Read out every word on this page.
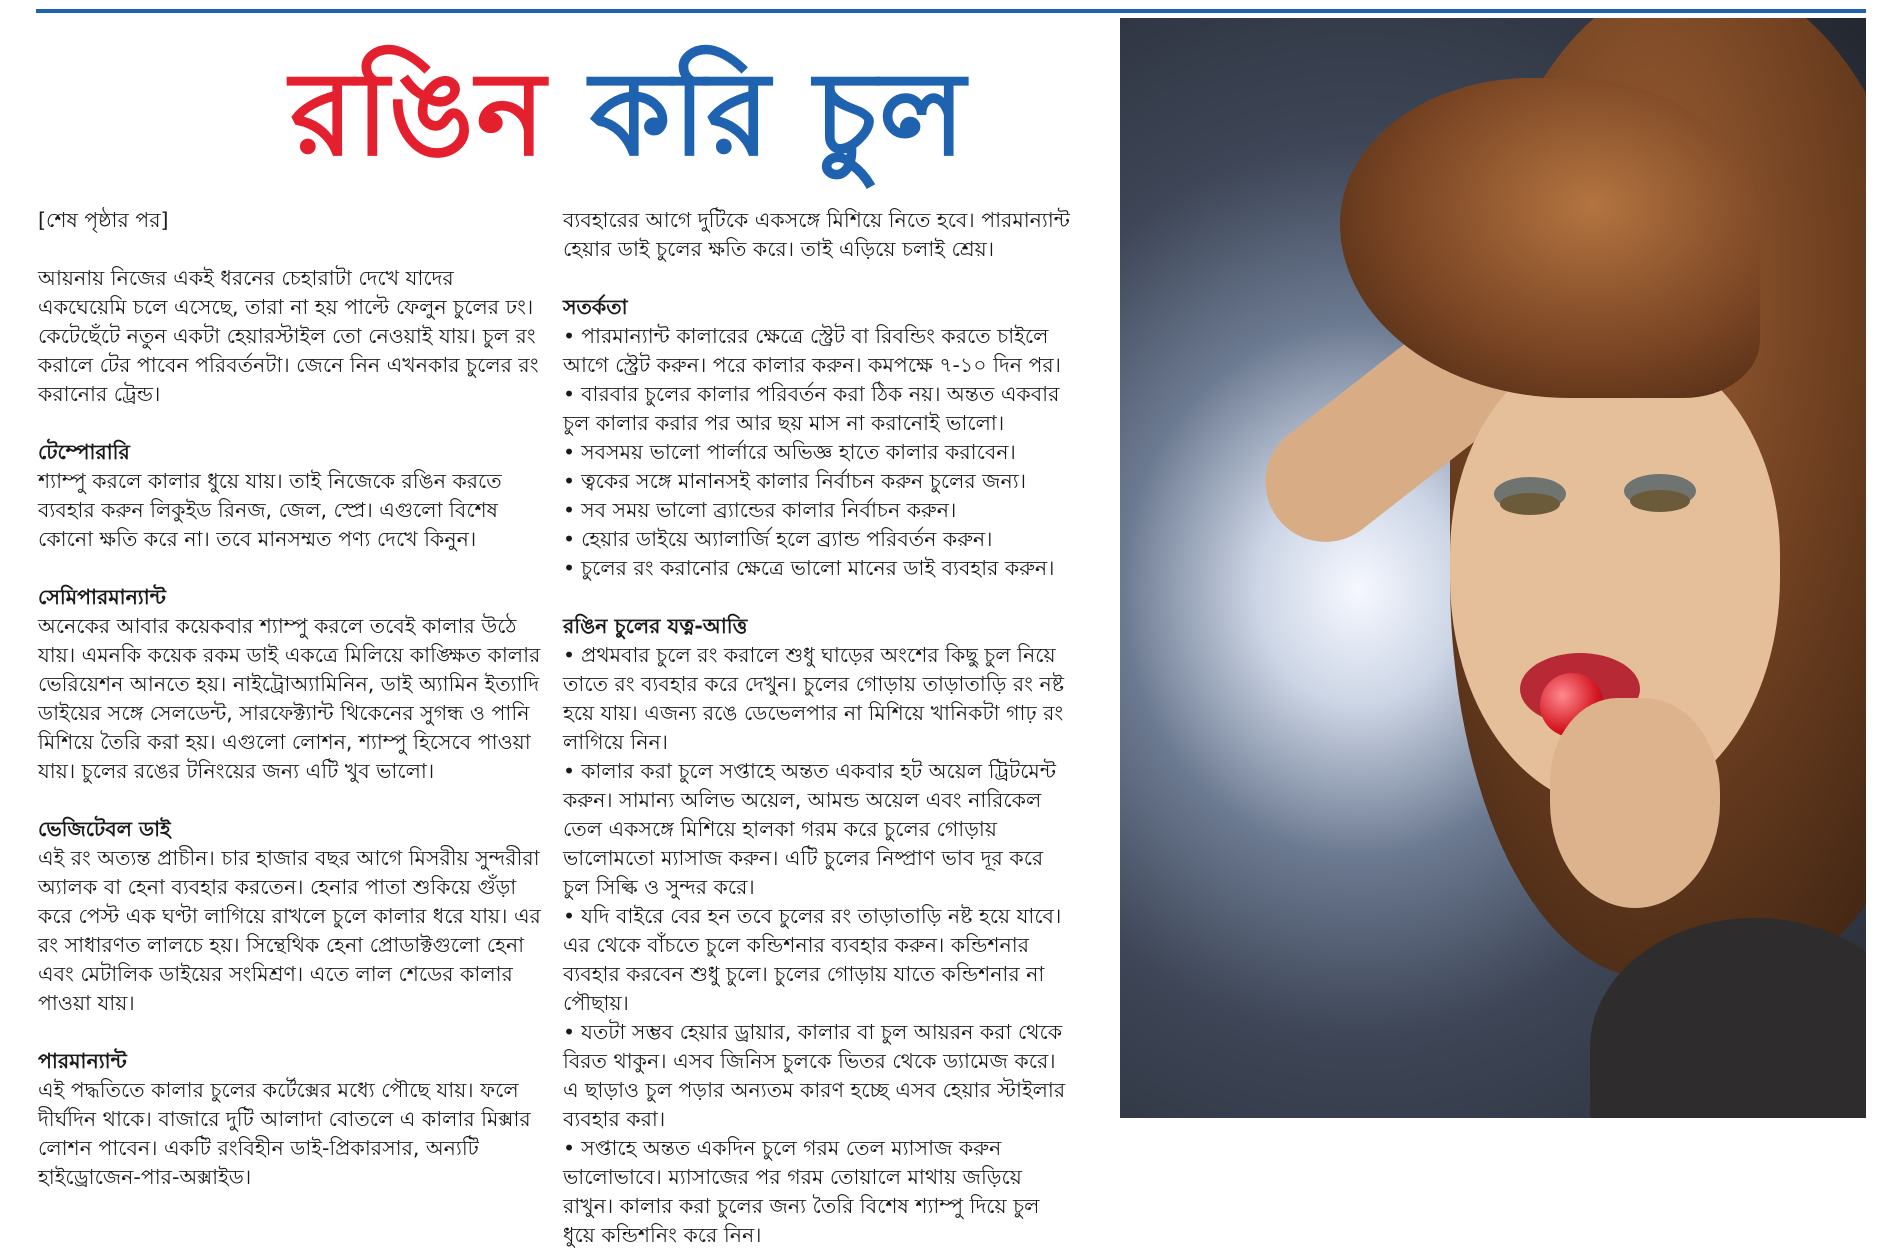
রঙিন করি চুল

[শেষ পৃষ্ঠার পর]

আয়নায় নিজের একই ধরনের চেহারাটা দেখে যাদের একঘেয়েমি চলে এসেছে, তারা না হয় পাল্টে ফেলুন চুলের ঢং। কেটেছেঁটে নতুন একটা হেয়ারস্টাইল তো নেওয়াই যায়। চুল রং করালে টের পাবেন পরিবর্তনটা। জেনে নিন এখনকার চুলের রং করানোর ট্রেন্ড।

টেম্পোরারি

শ্যাম্পু করলে কালার ধুয়ে যায়। তাই নিজেকে রঙিন করতে ব্যবহার করুন লিকুইড রিনজ, জেল, স্প্রে। এগুলো বিশেষ কোনো ক্ষতি করে না। তবে মানসম্মত পণ্য দেখে কিনুন।

সেমিপারমান্যান্ট

অনেকের আবার কয়েকবার শ্যাম্পু করলে তবেই কালার উঠে যায়। এমনকি কয়েক রকম ডাই একত্রে মিলিয়ে কাঙ্ক্ষিত কালার ভেরিয়েশন আনতে হয়। নাইট্রোঅ্যামিনিন, ডাই অ্যামিন ইত্যাদি ডাইয়ের সঙ্গে সেলডেন্ট, সারফেক্ট্যান্ট থিকেনের সুগন্ধ ও পানি মিশিয়ে তৈরি করা হয়। এগুলো লোশন, শ্যাম্পু হিসেবে পাওয়া যায়। চুলের রঙের টনিংয়ের জন্য এটি খুব ভালো।

ভেজিটেবল ডাই

এই রং অত্যন্ত প্রাচীন। চার হাজার বছর আগে মিসরীয় সুন্দরীরা অ্যালক বা হেনা ব্যবহার করতেন। হেনার পাতা শুকিয়ে গুঁড়া করে পেস্ট এক ঘণ্টা লাগিয়ে রাখলে চুলে কালার ধরে যায়। এর রং সাধারণত লালচে হয়। সিন্থেথিক হেনা প্রোডাক্টগুলো হেনা এবং মেটালিক ডাইয়ের সংমিশ্রণ। এতে লাল শেডের কালার পাওয়া যায়।

পারমান্যান্ট

এই পদ্ধতিতে কালার চুলের কর্টেক্সের মধ্যে পৌছে যায়। ফলে দীর্ঘদিন থাকে। বাজারে দুটি আলাদা বোতলে এ কালার মিক্সার লোশন পাবেন। একটি রংবিহীন ডাই-প্রিকারসার, অন্যটি হাইড্রোজেন-পার-অক্সাইড।

ব্যবহারের আগে দুটিকে একসঙ্গে মিশিয়ে নিতে হবে। পারমান্যান্ট হেয়ার ডাই চুলের ক্ষতি করে। তাই এড়িয়ে চলাই শ্রেয়।

সতর্কতা

• পারমান্যান্ট কালারের ক্ষেত্রে স্ট্রেট বা রিবন্ডিং করতে চাইলে আগে স্ট্রেট করুন। পরে কালার করুন। কমপক্ষে ৭-১০ দিন পর।

• বারবার চুলের কালার পরিবর্তন করা ঠিক নয়। অন্তত একবার চুল কালার করার পর আর ছয় মাস না করানোই ভালো।

• সবসময় ভালো পার্লারে অভিজ্ঞ হাতে কালার করাবেন।

• ত্বকের সঙ্গে মানানসই কালার নির্বাচন করুন চুলের জন্য।

• সব সময় ভালো ব্র্যান্ডের কালার নির্বাচন করুন।

• হেয়ার ডাইয়ে অ্যালার্জি হলে ব্র্যান্ড পরিবর্তন করুন।

• চুলের রং করানোর ক্ষেত্রে ভালো মানের ডাই ব্যবহার করুন।

রঙিন চুলের যত্ন-আত্তি

• প্রথমবার চুলে রং করালে শুধু ঘাড়ের অংশের কিছু চুল নিয়ে তাতে রং ব্যবহার করে দেখুন। চুলের গোড়ায় তাড়াতাড়ি রং নষ্ট হয়ে যায়। এজন্য রঙে ডেভেলপার না মিশিয়ে খানিকটা গাঢ় রং লাগিয়ে নিন।

• কালার করা চুলে সপ্তাহে অন্তত একবার হট অয়েল ট্রিটমেন্ট করুন। সামান্য অলিভ অয়েল, আমন্ড অয়েল এবং নারিকেল তেল একসঙ্গে মিশিয়ে হালকা গরম করে চুলের গোড়ায় ভালোমতো ম্যাসাজ করুন। এটি চুলের নিষ্প্রাণ ভাব দূর করে চুল সিল্কি ও সুন্দর করে।

• যদি বাইরে বের হন তবে চুলের রং তাড়াতাড়ি নষ্ট হয়ে যাবে। এর থেকে বাঁচতে চুলে কন্ডিশনার ব্যবহার করুন। কন্ডিশনার ব্যবহার করবেন শুধু চুলে। চুলের গোড়ায় যাতে কন্ডিশনার না পৌছায়।

• যতটা সম্ভব হেয়ার ড্রায়ার, কালার বা চুল আয়রন করা থেকে বিরত থাকুন। এসব জিনিস চুলকে ভিতর থেকে ড্যামেজ করে। এ ছাড়াও চুল পড়ার অন্যতম কারণ হচ্ছে এসব হেয়ার স্টাইলার ব্যবহার করা।

• সপ্তাহে অন্তত একদিন চুলে গরম তেল ম্যাসাজ করুন ভালোভাবে। ম্যাসাজের পর গরম তোয়ালে মাথায় জড়িয়ে রাখুন। কালার করা চুলের জন্য তৈরি বিশেষ শ্যাম্পু দিয়ে চুল ধুয়ে কন্ডিশনিং করে নিন।
